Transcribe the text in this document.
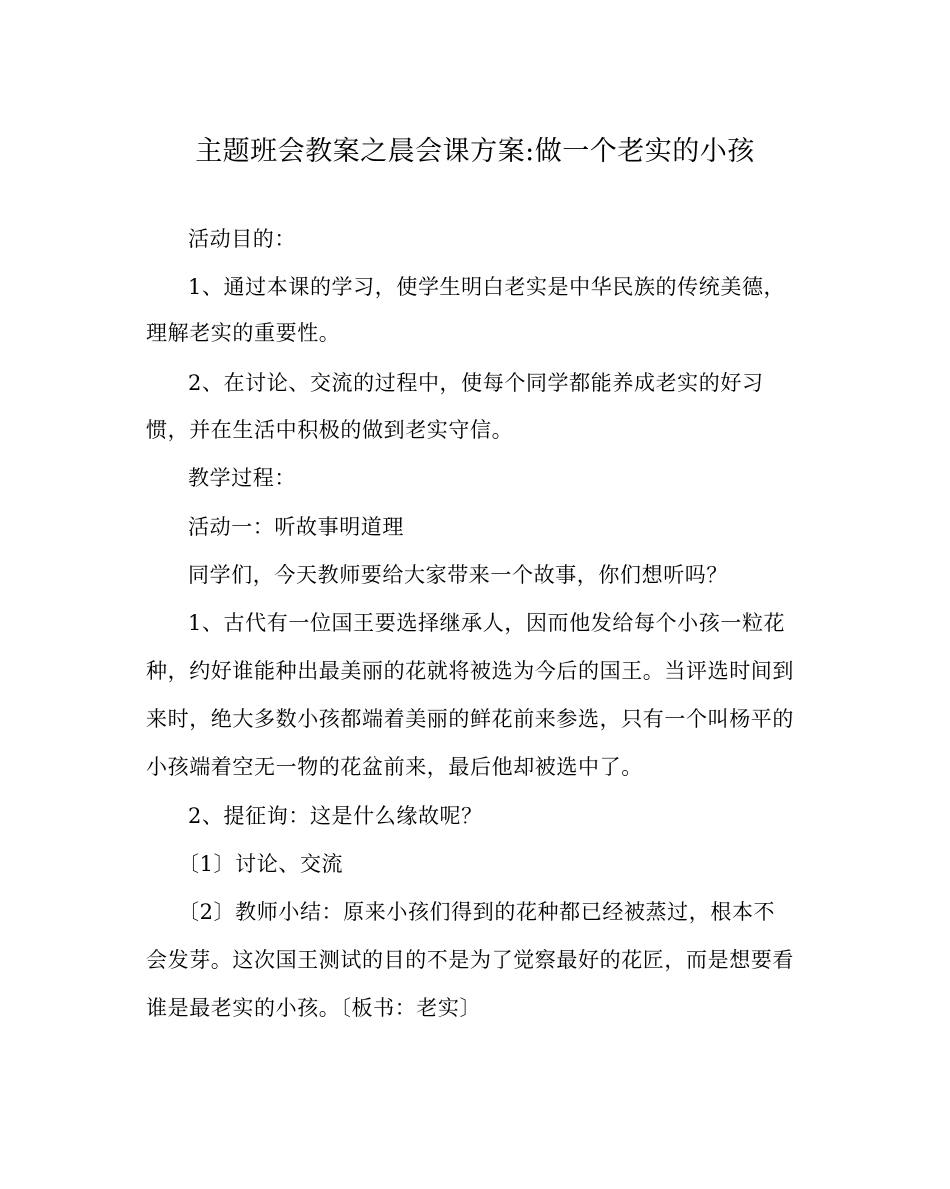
主题班会教案之晨会课方案:做一个老实的小孩
活动目的：
1、通过本课的学习，使学生明白老实是中华民族的传统美德，
理解老实的重要性。
2、在讨论、交流的过程中，使每个同学都能养成老实的好习
惯，并在生活中积极的做到老实守信。
教学过程：
活动一：听故事明道理
同学们，今天教师要给大家带来一个故事，你们想听吗？
1、古代有一位国王要选择继承人，因而他发给每个小孩一粒花
种，约好谁能种出最美丽的花就将被选为今后的国王。当评选时间到
来时，绝大多数小孩都端着美丽的鲜花前来参选，只有一个叫杨平的
小孩端着空无一物的花盆前来，最后他却被选中了。
2、提征询：这是什么缘故呢？
〔1〕讨论、交流
〔2〕教师小结：原来小孩们得到的花种都已经被蒸过，根本不
会发芽。这次国王测试的目的不是为了觉察最好的花匠，而是想要看
谁是最老实的小孩。〔板书：老实〕
